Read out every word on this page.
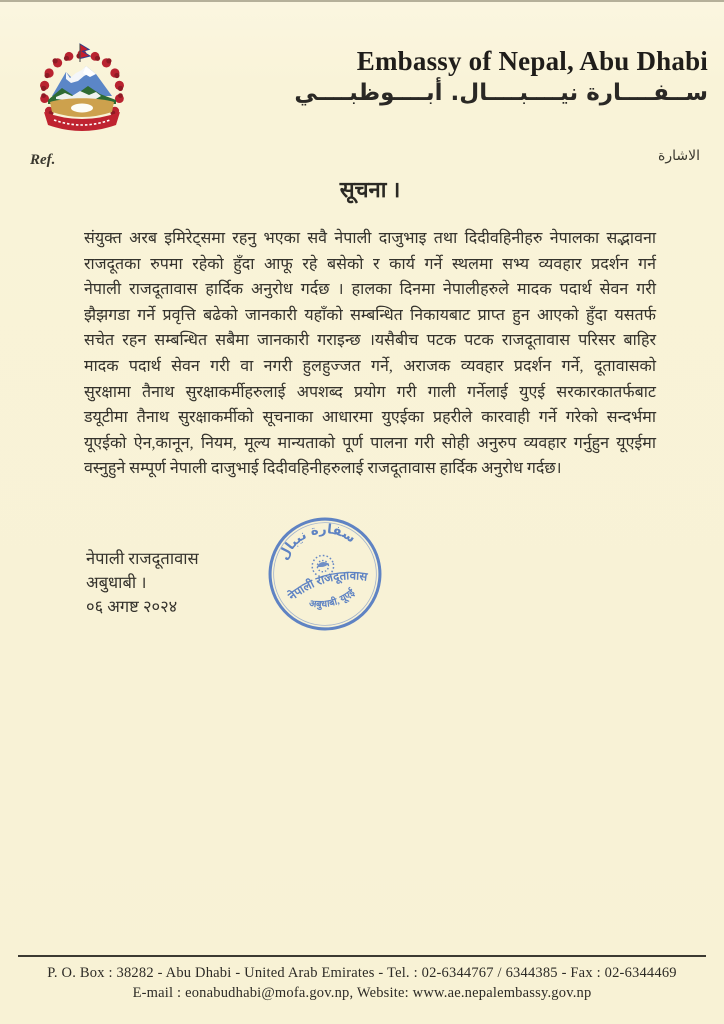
Embassy of Nepal, Abu Dhabi
ســفــــارة نيــــبــــال. أبــــوظبــــي
Ref.	الاشارة
सूचना ।
संयुक्त अरब इमिरेट्समा रहनु भएका सवै नेपाली दाजुभाइ तथा दिदीवहिनीहरु नेपालका सद्भावना
राजदूतका रुपमा रहेको हुँदा आफू रहे बसेको र कार्य गर्ने स्थलमा सभ्य व्यवहार प्रदर्शन गर्न
नेपाली राजदूतावास हार्दिक अनुरोध गर्दछ । हालका दिनमा नेपालीहरुले मादक पदार्थ सेवन गरी
झैझगडा गर्ने प्रवृत्ति बढेको जानकारी यहाँको सम्बन्धित निकायबाट प्राप्त हुन आएको हुँदा यसतर्फ
सचेत रहन सम्बन्धित सबैमा जानकारी गराइन्छ ।यसैबीच पटक पटक राजदूतावास परिसर बाहिर
मादक पदार्थ सेवन गरी वा नगरी हुलहुज्जत गर्ने, अराजक व्यवहार प्रदर्शन गर्ने, दूतावासको
सुरक्षामा तैनाथ सुरक्षाकर्मीहरुलाई अपशब्द प्रयोग गरी गाली गर्नेलाई युएई सरकारकातर्फबाट
डयूटीमा तैनाथ सुरक्षाकर्मीको सूचनाका आधारमा युएईका प्रहरीले कारवाही गर्ने गरेको सन्दर्भमा
यूएईको ऐन,कानून, नियम, मूल्य मान्यताको पूर्ण पालना गरी सोही अनुरुप व्यवहार गर्नुहुन यूएईमा
वस्नुहुने सम्पूर्ण नेपाली दाजुभाई दिदीवहिनीहरुलाई राजदूतावास हार्दिक अनुरोध गर्दछ।
नेपाली राजदूतावास
अबुधाबी ।
०६ अगष्ट २०२४
سفارة نيبال
नेपाली राजदूतावास
अबुधाबी, यूएई
P. O. Box : 38282 - Abu Dhabi - United Arab Emirates - Tel. : 02-6344767 / 6344385 - Fax : 02-6344469
E-mail : eonabudhabi@mofa.gov.np, Website: www.ae.nepalembassy.gov.np
